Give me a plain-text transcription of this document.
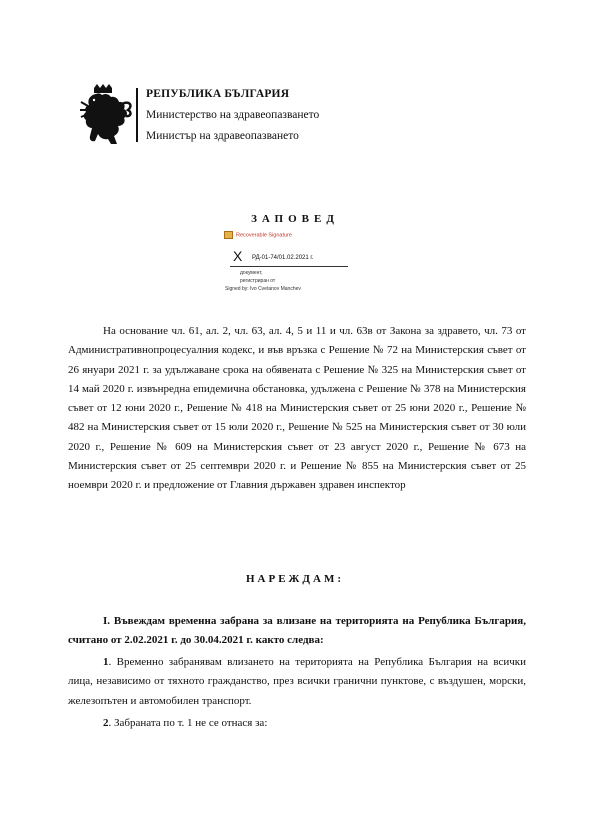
РЕПУБЛИКА БЪЛГАРИЯ
Министерство на здравеопазването
Министър на здравеопазването
ЗАПОВЕД
Recoverable Signature
X РД-01-74/01.02.2021 г.
документ,
регистриран от
Signed by: Ivo Cvetanov Manchev
На основание чл. 61, ал. 2, чл. 63, ал. 4, 5 и 11 и чл. 63в от Закона за здравето, чл. 73 от Административнопроцесуалния кодекс, и във връзка с Решение № 72 на Министерския съвет от 26 януари 2021 г. за удължаване срока на обявената с Решение № 325 на Министерския съвет от 14 май 2020 г. извънредна епидемична обстановка, удължена с Решение № 378 на Министерския съвет от 12 юни 2020 г., Решение № 418 на Министерския съвет от 25 юни 2020 г., Решение № 482 на Министерския съвет от 15 юли 2020 г., Решение № 525 на Министерския съвет от 30 юли 2020 г., Решение № 609 на Министерския съвет от 23 август 2020 г., Решение № 673 на Министерския съвет от 25 септември 2020 г. и Решение № 855 на Министерския съвет от 25 ноември 2020 г. и предложение от Главния държавен здравен инспектор
НАРЕЖДАМ:
I. Въвеждам временна забрана за влизане на територията на Република България, считано от 2.02.2021 г. до 30.04.2021 г. както следва:
1. Временно забранявам влизането на територията на Република България на всички лица, независимо от тяхното гражданство, през всички гранични пунктове, с въздушен, морски, железопътен и автомобилен транспорт.
2. Забраната по т. 1 не се отнася за:
